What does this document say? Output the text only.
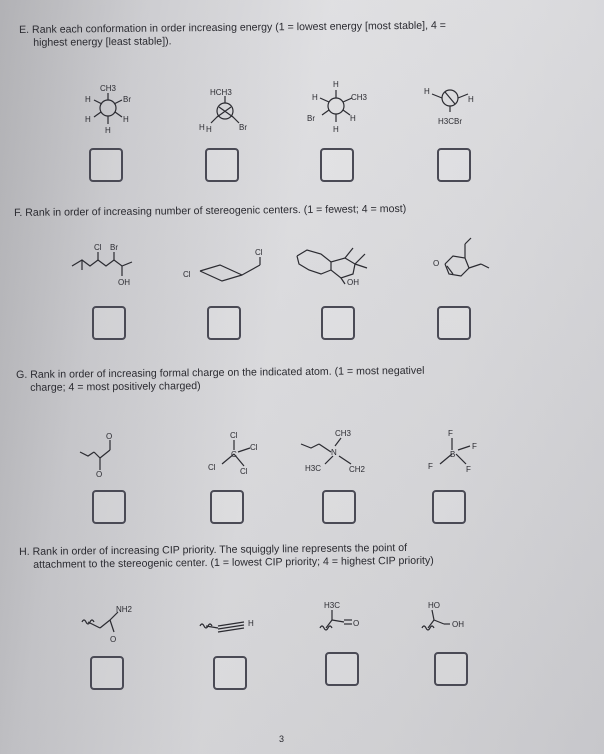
E. Rank each conformation in order increasing energy (1 = lowest energy [most stable], 4 =
highest energy [least stable]).
CH3
H	Br
H	H
H
HCH3
H H	Br
H
H	CH3
Br	H
H
H
H
H3CBr
F. Rank in order of increasing number of stereogenic centers. (1 = fewest; 4 = most)
Cl Br
OH
Cl
Cl
OH
O
G. Rank in order of increasing formal charge on the indicated atom. (1 = most negativel
charge; 4 = most positively charged)
O
O
Cl
C
Cl
Cl	Cl
CH3
N
H3C	CH2
F
B
F
F	F
H. Rank in order of increasing CIP priority. The squiggly line represents the point of
attachment to the stereogenic center. (1 = lowest CIP priority; 4 = highest CIP priority)
NH2
O
H
H3C
O
HO
OH
3
